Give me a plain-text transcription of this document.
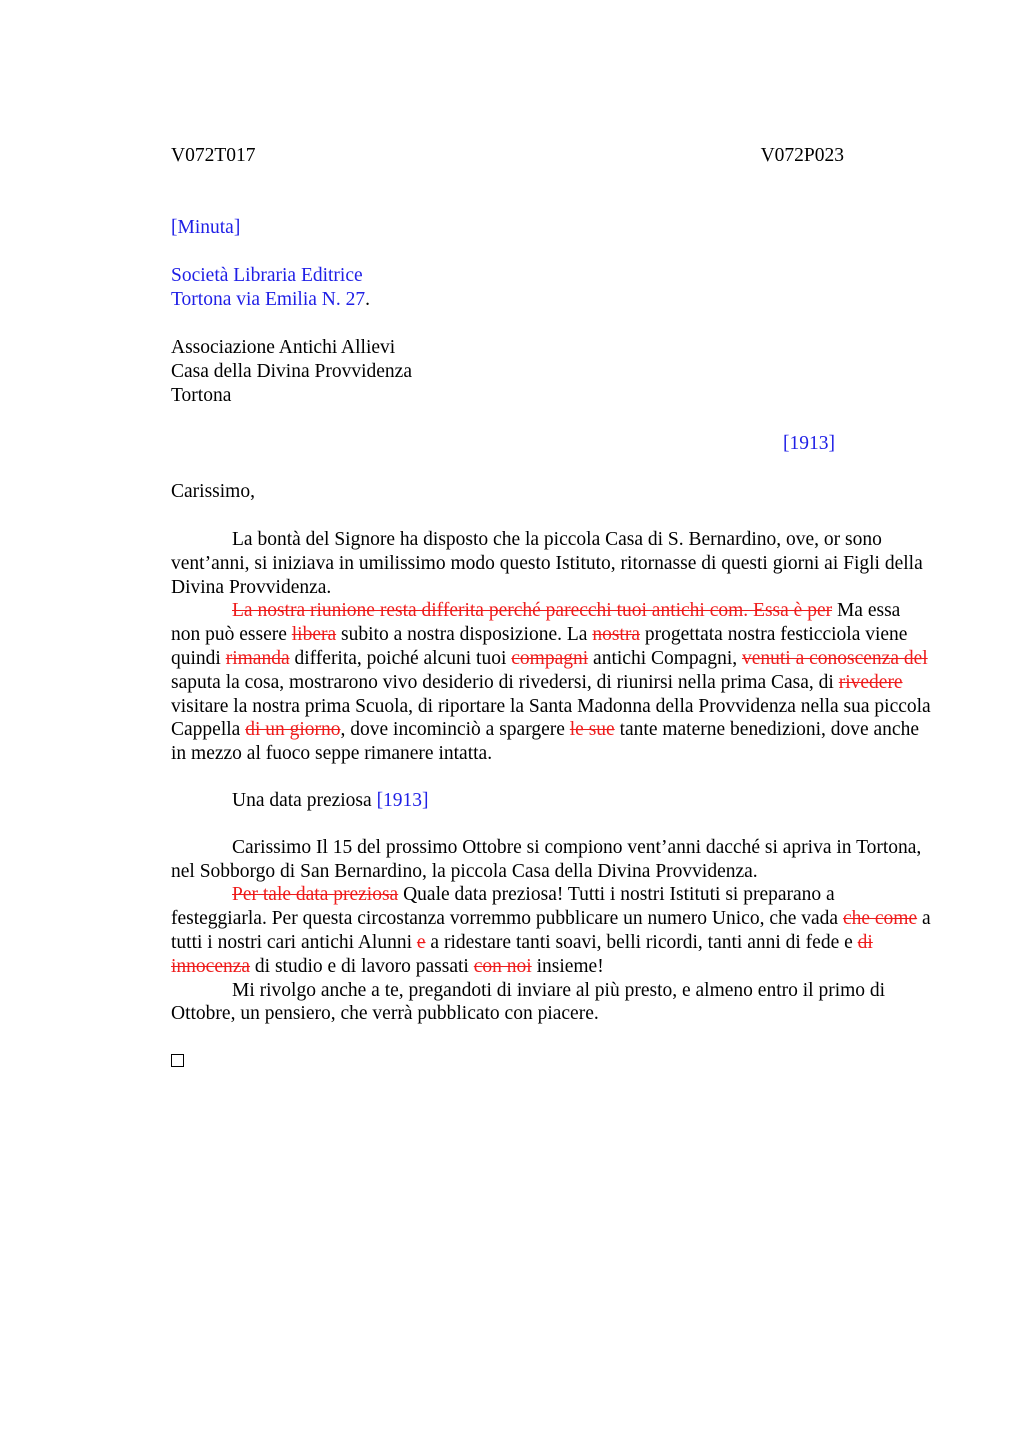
V072T017	V072P023
[Minuta]
Società Libraria Editrice
Tortona via Emilia N. 27.
Associazione Antichi Allievi
Casa della Divina Provvidenza
Tortona
[1913]
Carissimo,
La bontà del Signore ha disposto che la piccola Casa di S. Bernardino, ove, or sono vent’anni, si iniziava in umilissimo modo questo Istituto, ritornasse di questi giorni ai Figli della Divina Provvidenza.
La nostra riunione resta differita perché parecchi tuoi antichi com. Essa è per Ma essa non può essere libera subito a nostra disposizione. La nostra progettata nostra festicciola viene quindi rimanda differita, poiché alcuni tuoi compagni antichi Compagni, venuti a conoscenza del saputa la cosa, mostrarono vivo desiderio di rivedersi, di riunirsi nella prima Casa, di rivedere visitare la nostra prima Scuola, di riportare la Santa Madonna della Provvidenza nella sua piccola Cappella di un giorno, dove incominciò a spargere le sue tante materne benedizioni, dove anche in mezzo al fuoco seppe rimanere intatta.
Una data preziosa [1913]
Carissimo Il 15 del prossimo Ottobre si compiono vent’anni dacché si apriva in Tortona, nel Sobborgo di San Bernardino, la piccola Casa della Divina Provvidenza.
Per tale data preziosa Quale data preziosa! Tutti i nostri Istituti si preparano a festeggiarla. Per questa circostanza vorremmo pubblicare un numero Unico, che vada che come a tutti i nostri cari antichi Alunni e a ridestare tanti soavi, belli ricordi, tanti anni di fede e di innocenza di studio e di lavoro passati con noi insieme!
Mi rivolgo anche a te, pregandoti di inviare al più presto, e almeno entro il primo di Ottobre, un pensiero, che verrà pubblicato con piacere.
